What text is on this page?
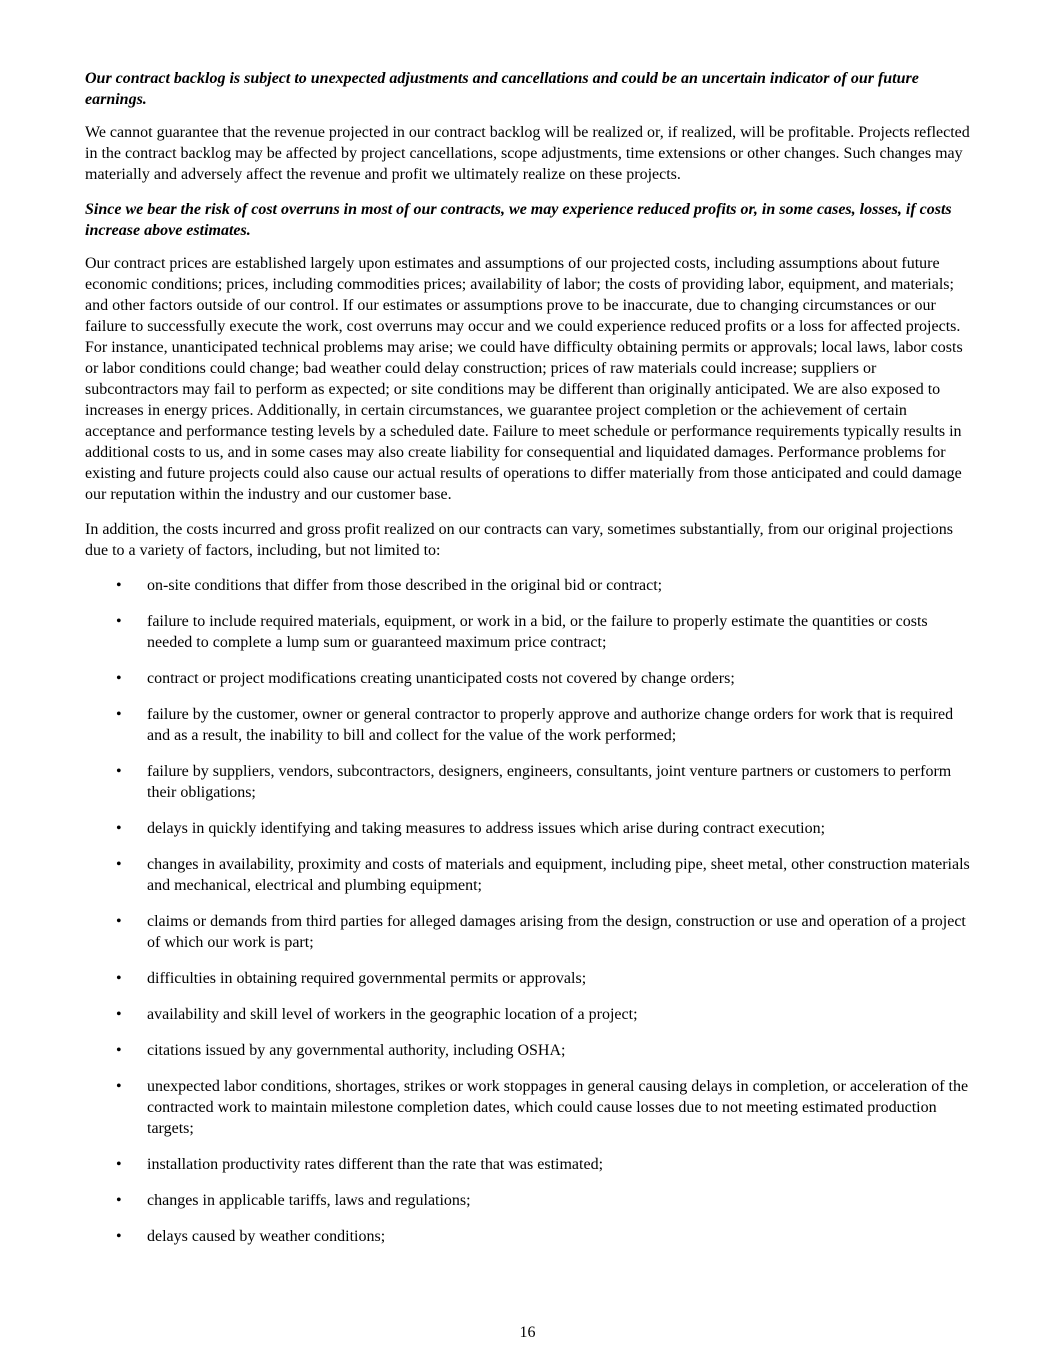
Our contract backlog is subject to unexpected adjustments and cancellations and could be an uncertain indicator of our future earnings.

We cannot guarantee that the revenue projected in our contract backlog will be realized or, if realized, will be profitable. Projects reflected in the contract backlog may be affected by project cancellations, scope adjustments, time extensions or other changes. Such changes may materially and adversely affect the revenue and profit we ultimately realize on these projects.

Since we bear the risk of cost overruns in most of our contracts, we may experience reduced profits or, in some cases, losses, if costs increase above estimates.

Our contract prices are established largely upon estimates and assumptions of our projected costs, including assumptions about future economic conditions; prices, including commodities prices; availability of labor; the costs of providing labor, equipment, and materials; and other factors outside of our control. If our estimates or assumptions prove to be inaccurate, due to changing circumstances or our failure to successfully execute the work, cost overruns may occur and we could experience reduced profits or a loss for affected projects. For instance, unanticipated technical problems may arise; we could have difficulty obtaining permits or approvals; local laws, labor costs or labor conditions could change; bad weather could delay construction; prices of raw materials could increase; suppliers or subcontractors may fail to perform as expected; or site conditions may be different than originally anticipated. We are also exposed to increases in energy prices. Additionally, in certain circumstances, we guarantee project completion or the achievement of certain acceptance and performance testing levels by a scheduled date. Failure to meet schedule or performance requirements typically results in additional costs to us, and in some cases may also create liability for consequential and liquidated damages. Performance problems for existing and future projects could also cause our actual results of operations to differ materially from those anticipated and could damage our reputation within the industry and our customer base.

In addition, the costs incurred and gross profit realized on our contracts can vary, sometimes substantially, from our original projections due to a variety of factors, including, but not limited to:

• on-site conditions that differ from those described in the original bid or contract;
• failure to include required materials, equipment, or work in a bid, or the failure to properly estimate the quantities or costs needed to complete a lump sum or guaranteed maximum price contract;
• contract or project modifications creating unanticipated costs not covered by change orders;
• failure by the customer, owner or general contractor to properly approve and authorize change orders for work that is required and as a result, the inability to bill and collect for the value of the work performed;
• failure by suppliers, vendors, subcontractors, designers, engineers, consultants, joint venture partners or customers to perform their obligations;
• delays in quickly identifying and taking measures to address issues which arise during contract execution;
• changes in availability, proximity and costs of materials and equipment, including pipe, sheet metal, other construction materials and mechanical, electrical and plumbing equipment;
• claims or demands from third parties for alleged damages arising from the design, construction or use and operation of a project of which our work is part;
• difficulties in obtaining required governmental permits or approvals;
• availability and skill level of workers in the geographic location of a project;
• citations issued by any governmental authority, including OSHA;
• unexpected labor conditions, shortages, strikes or work stoppages in general causing delays in completion, or acceleration of the contracted work to maintain milestone completion dates, which could cause losses due to not meeting estimated production targets;
• installation productivity rates different than the rate that was estimated;
• changes in applicable tariffs, laws and regulations;
• delays caused by weather conditions;
16
